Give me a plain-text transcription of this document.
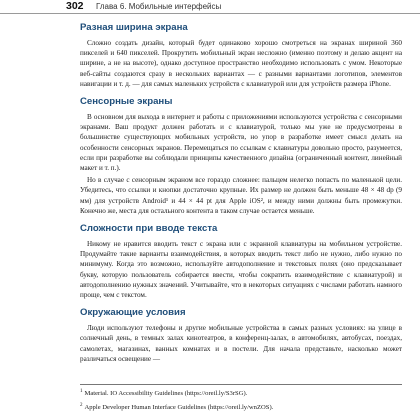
302 Глава 6. Мобильные интерфейсы
Разная ширина экрана

Сложно создать дизайн, который будет одинаково хорошо смотреться на экранах шириной 360 пикселей и 640 пикселей. Прокрутить мобильный экран несложно (именно поэтому и делаю акцент на ширине, а не на высоте), однако доступное пространство необходимо использовать с умом. Некоторые веб-сайты создаются сразу в нескольких вариантах — с разными вариантами логотипов, элементов навигации и т. д. — для самых маленьких устройств с клавиатурой или для устройств размера iPhone.

Сенсорные экраны

В основном для выхода в интернет и работы с приложениями используются устройства с сенсорными экранами. Ваш продукт должен работать и с клавиатурой, только мы уже не предусмотрены в большинстве существующих мобильных устройств, но упор в разработке имеет смысл делать на особенности сенсорных экранов. Перемещаться по ссылкам с клавиатуры довольно просто, разумеется, если при разработке вы соблюдали принципы качественного дизайна (ограниченный контент, линейный макет и т. п.).

Но в случае с сенсорным экраном все гораздо сложнее: пальцем нелегко попасть по маленькой цели. Убедитесь, что ссылки и кнопки достаточно крупные. Их размер не должен быть меньше 48 × 48 dp (9 мм) для устройств Android¹ и 44 × 44 pt для Apple iOS², и между ними должны быть промежутки. Конечно же, места для остального контента в таком случае остается меньше.

Сложности при вводе текста

Никому не нравится вводить текст с экрана или с экранной клавиатуры на мобильном устройстве. Продумайте такие варианты взаимодействия, в которых вводить текст либо не нужно, либо нужно по минимуму. Когда это возможно, используйте автодополнение и текстовых полях (оно предсказывает букву, которую пользователь собирается ввести, чтобы сократить взаимодействие с клавиатурой) и автодополнению нужных значений. Учитывайте, что в некоторых ситуациях с числами работать намного проще, чем с текстом.

Окружающие условия

Люди используют телефоны и другие мобильные устройства в самых разных условиях: на улице в солнечный день, в темных залах кинотеатров, в конференц-залах, в автомобилях, автобусах, поездах, самолетах, магазинах, ванных комнатах и в постели. Для начала представьте, насколько может различаться освещение —

$^1$ Material. IO Accessibility Guidelines (https://oreil.ly/S3rSG).
$^2$ Apple Developer Human Interface Guidelines (https://oreil.ly/wnZOS).
